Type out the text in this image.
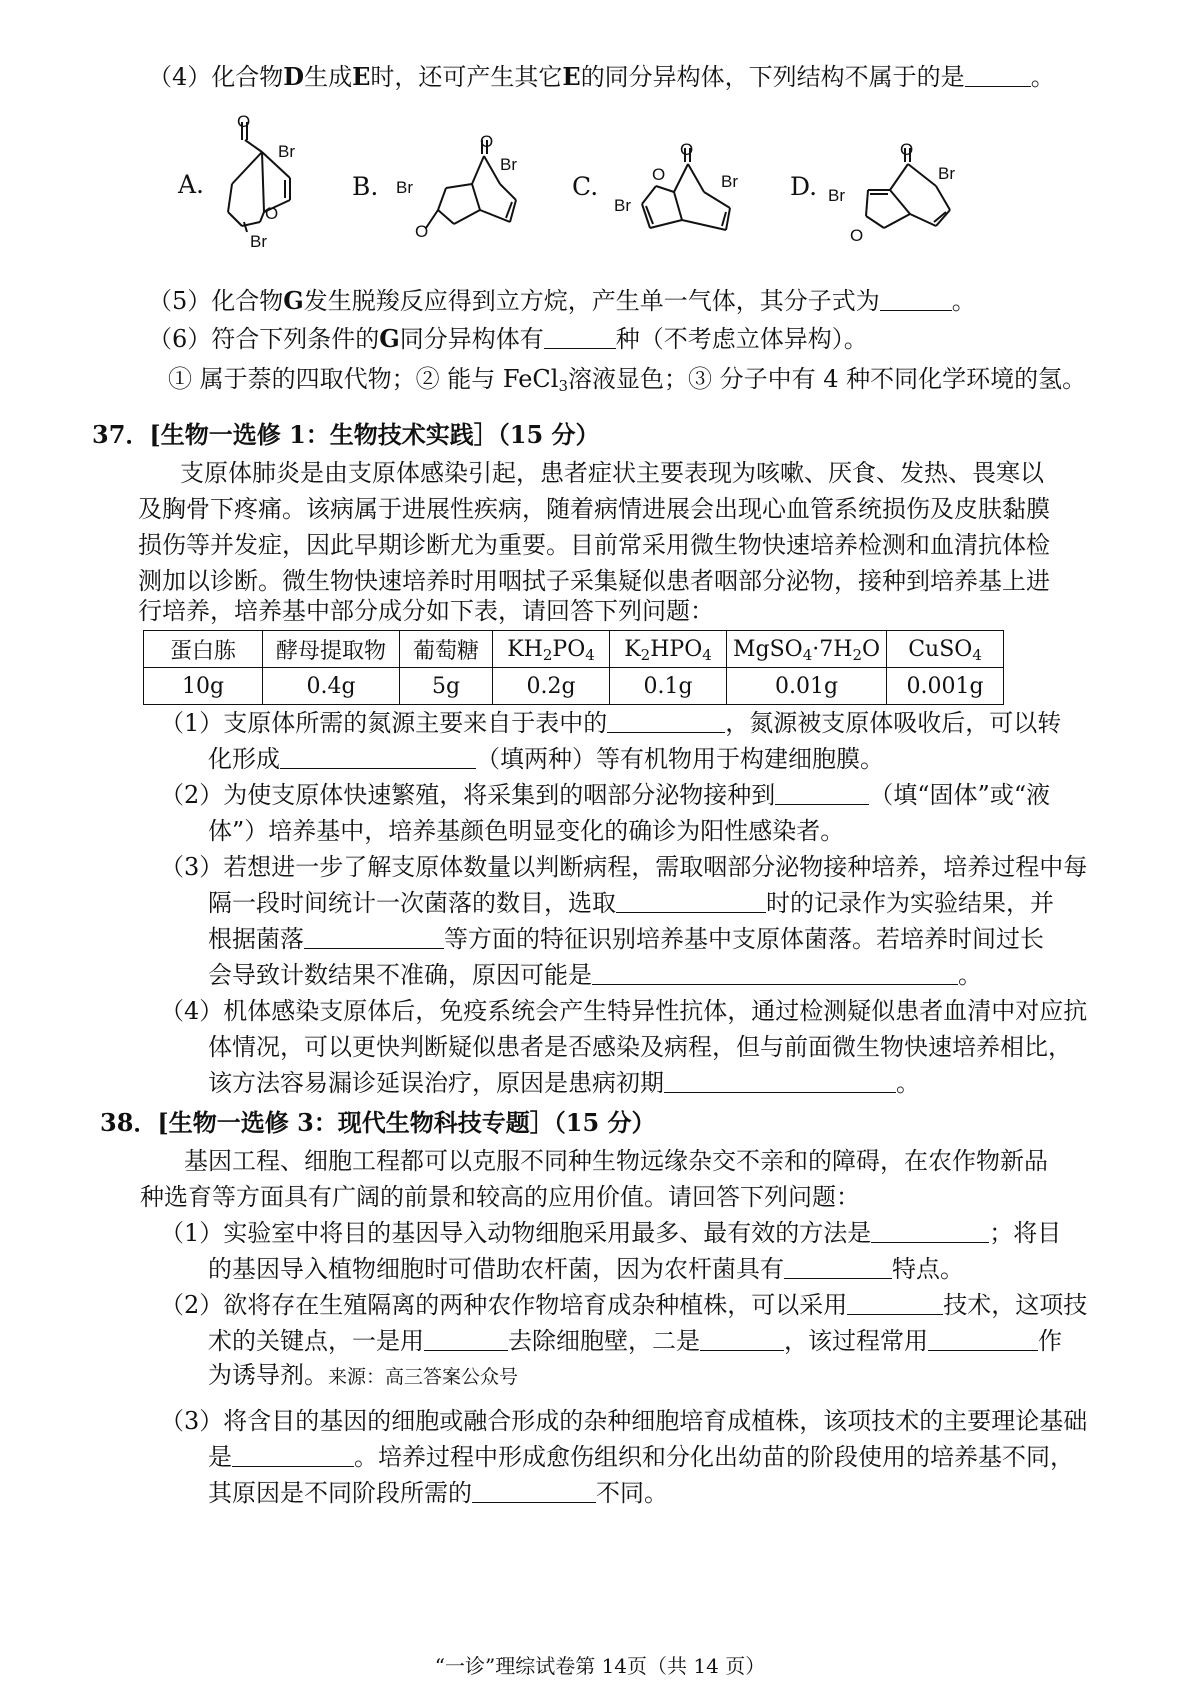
（4）化合物D生成E时，还可产生其它E的同分异构体，下列结构不属于的是	。
A.
O
Br
O
Br
B.
O
Br
Br
O
C.
O
O	Br
Br
D.
O
Br
Br
O
（5）化合物G发生脱羧反应得到立方烷，产生单一气体，其分子式为	。
（6）符合下列条件的G同分异构体有	种（不考虑立体异构）。
① 属于萘的四取代物；② 能与 FeCl$_3$溶液显色；③ 分子中有 4 种不同化学环境的氢。
37．[生物一选修 1：生物技术实践］（15 分）
支原体肺炎是由支原体感染引起，患者症状主要表现为咳嗽、厌食、发热、畏寒以
及胸骨下疼痛。该病属于进展性疾病，随着病情进展会出现心血管系统损伤及皮肤黏膜
损伤等并发症，因此早期诊断尤为重要。目前常采用微生物快速培养检测和血清抗体检
测加以诊断。微生物快速培养时用咽拭子采集疑似患者咽部分泌物，接种到培养基上进
行培养，培养基中部分成分如下表，请回答下列问题：
蛋白胨	酵母提取物	葡萄糖	$KH_2PO_4$	$K_2HPO_4$	$MgSO_4\cdot 7H_2O$	CuSO$_4$
10g	0.4g	5g	0.2g	0.1g	0.01g	0.001g
（1）支原体所需的氮源主要来自于表中的	，氮源被支原体吸收后，可以转
化形成	（填两种）等有机物用于构建细胞膜。
（2）为使支原体快速繁殖，将采集到的咽部分泌物接种到	（填“固体”或“液
体”）培养基中，培养基颜色明显变化的确诊为阳性感染者。
（3）若想进一步了解支原体数量以判断病程，需取咽部分泌物接种培养，培养过程中每
隔一段时间统计一次菌落的数目，选取	时的记录作为实验结果，并
根据菌落	等方面的特征识别培养基中支原体菌落。若培养时间过长
会导致计数结果不准确，原因可能是	。
（4）机体感染支原体后，免疫系统会产生特异性抗体，通过检测疑似患者血清中对应抗
体情况，可以更快判断疑似患者是否感染及病程，但与前面微生物快速培养相比，
该方法容易漏诊延误治疗，原因是患病初期	。
38．[生物一选修 3：现代生物科技专题］（15 分）
基因工程、细胞工程都可以克服不同种生物远缘杂交不亲和的障碍，在农作物新品
种选育等方面具有广阔的前景和较高的应用价值。请回答下列问题：
（1）实验室中将目的基因导入动物细胞采用最多、最有效的方法是	；将目
的基因导入植物细胞时可借助农杆菌，因为农杆菌具有	特点。
（2）欲将存在生殖隔离的两种农作物培育成杂种植株，可以采用	技术，这项技
术的关键点，一是用	去除细胞壁，二是	，该过程常用	作
为诱导剂。来源：高三答案公众号
（3）将含目的基因的细胞或融合形成的杂种细胞培育成植株，该项技术的主要理论基础
是	。培养过程中形成愈伤组织和分化出幼苗的阶段使用的培养基不同，
其原因是不同阶段所需的	不同。
“一诊”理综试卷第 14页（共 14 页）
